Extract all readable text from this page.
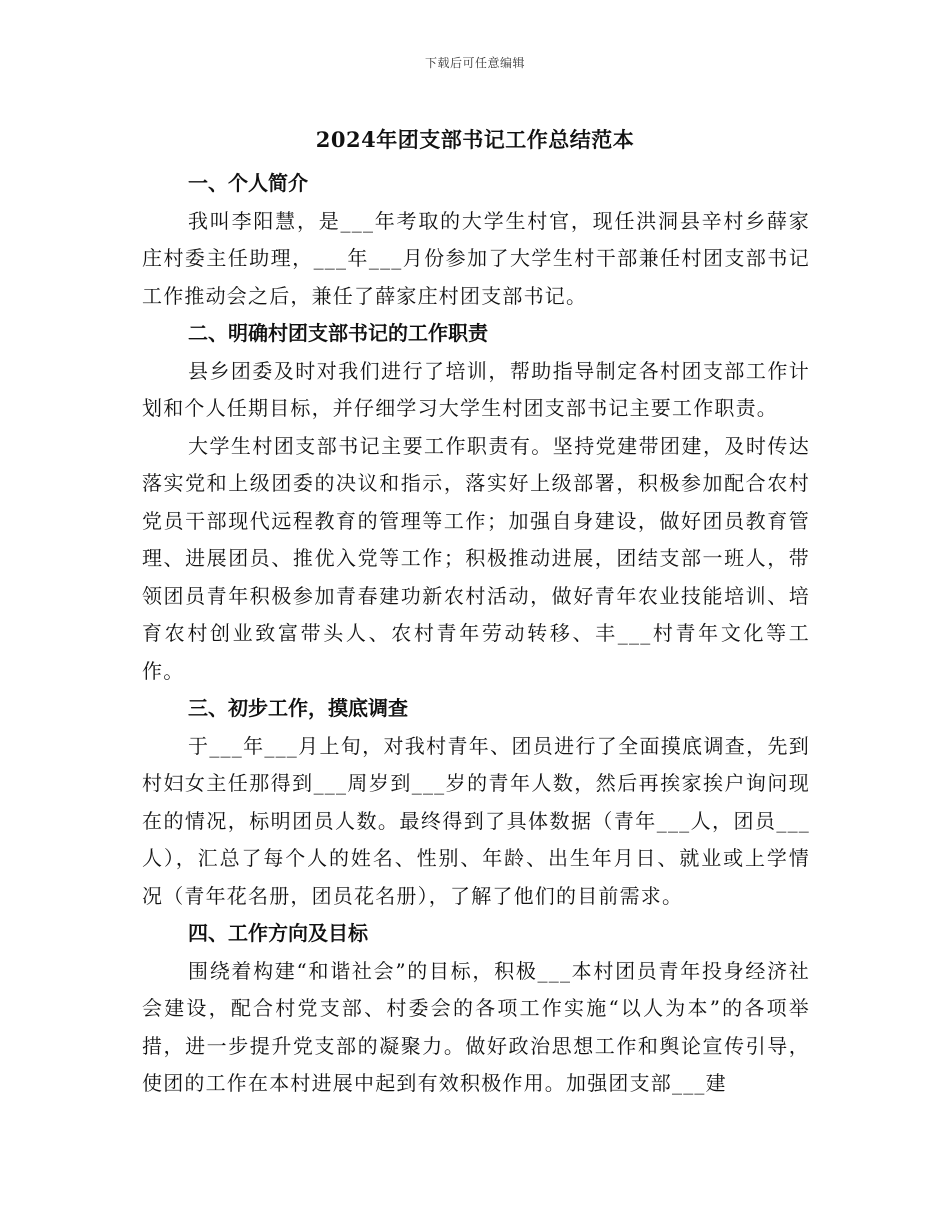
下载后可任意编辑
2024年团支部书记工作总结范本
一、个人简介

我叫李阳慧，是___年考取的大学生村官，现任洪洞县辛村乡薛家庄村委主任助理，___年___月份参加了大学生村干部兼任村团支部书记工作推动会之后，兼任了薛家庄村团支部书记。

二、明确村团支部书记的工作职责

县乡团委及时对我们进行了培训，帮助指导制定各村团支部工作计划和个人任期目标，并仔细学习大学生村团支部书记主要工作职责。

大学生村团支部书记主要工作职责有。坚持党建带团建，及时传达落实党和上级团委的决议和指示，落实好上级部署，积极参加配合农村党员干部现代远程教育的管理等工作；加强自身建设，做好团员教育管理、进展团员、推优入党等工作；积极推动进展，团结支部一班人，带领团员青年积极参加青春建功新农村活动，做好青年农业技能培训、培育农村创业致富带头人、农村青年劳动转移、丰___村青年文化等工作。

三、初步工作，摸底调查

于___年___月上旬，对我村青年、团员进行了全面摸底调查，先到村妇女主任那得到___周岁到___岁的青年人数，然后再挨家挨户询问现在的情况，标明团员人数。最终得到了具体数据（青年___人，团员___人），汇总了每个人的姓名、性别、年龄、出生年月日、就业或上学情况（青年花名册，团员花名册），了解了他们的目前需求。

四、工作方向及目标

围绕着构建“和谐社会”的目标，积极___本村团员青年投身经济社会建设，配合村党支部、村委会的各项工作实施“以人为本”的各项举措，进一步提升党支部的凝聚力。做好政治思想工作和舆论宣传引导，使团的工作在本村进展中起到有效积极作用。加强团支部___建
